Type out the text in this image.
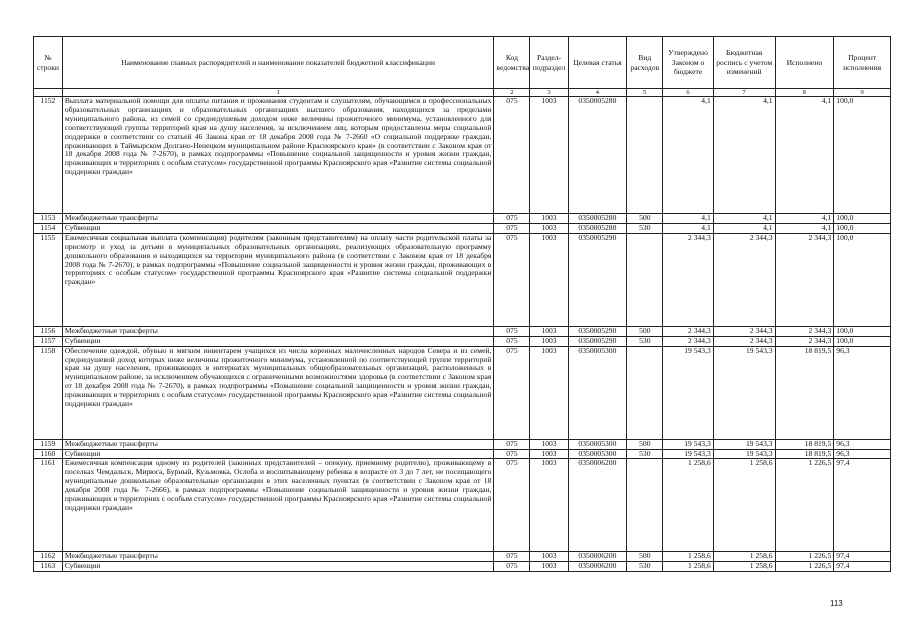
№ строки	Наименование главных распорядителей и наименование показателей бюджетной классификации	Код ведомства	Раздел-подраздел	Целевая статья	Вид расходов	Утверждено Законом о бюджете	Бюджетная роспись с учетом изменений	Исполнено	Процент исполнения
	1	2	3	4	5	6	7	8	9
1152	Выплата материальной помощи для оплаты питания и проживания студентам и слушателям, обучающимся в профессиональных образовательных организациях и образовательных организациях высшего образования, находящихся за пределами муниципального района, из семей со среднедушевым доходом ниже величины прожиточного минимума, установленного для соответствующей группы территорий края на душу населения, за исключением лиц, которым предоставлены меры социальной поддержки в соответствии со статьей 46 Закона края от 18 декабря 2008 года № 7-2660 «О социальной поддержке граждан, проживающих в Таймырском Долгано-Ненецком муниципальном районе Красноярского края» (в соответствии с Законом края от 18 декабря 2008 года № 7-2670), в рамках подпрограммы «Повышение социальной защищенности и уровня жизни граждан, проживающих в территориях с особым статусом» государственной программы Красноярского края «Развитие системы социальной поддержки граждан»	075	1003	0350005280		4,1	4,1	4,1	100,0
1153	Межбюджетные трансферты	075	1003	0350005280	500	4,1	4,1	4,1	100,0
1154	Субвенции	075	1003	0350005280	530	4,1	4,1	4,1	100,0
1155	Ежемесячная социальная выплата (компенсация) родителям (законным представителям) на оплату части родительской платы за присмотр и уход за детьми в муниципальных образовательных организациях, реализующих образовательную программу дошкольного образования и находящихся на территории муниципального района (в соответствии с Законом края от 18 декабря 2008 года № 7-2670), в рамках подпрограммы «Повышение социальной защищенности и уровня жизни граждан, проживающих в территориях с особым статусом» государственной программы Красноярского края «Развитие системы социальной поддержки граждан»	075	1003	0350005290		2 344,3	2 344,3	2 344,3	100,0
1156	Межбюджетные трансферты	075	1003	0350005290	500	2 344,3	2 344,3	2 344,3	100,0
1157	Субвенции	075	1003	0350005290	530	2 344,3	2 344,3	2 344,3	100,0
1158	Обеспечение одеждой, обувью и мягким инвентарем учащихся из числа коренных малочисленных народов Севера и из семей, среднедушевой доход которых ниже величины прожиточного минимума, установленной по соответствующей группе территорий края на душу населения, проживающих в интернатах муниципальных общеобразовательных организаций, расположенных в муниципальном районе, за исключением обучающихся с ограниченными возможностями здоровья (в соответствии с Законом края от 18 декабря 2008 года № 7-2670), в рамках подпрограммы «Повышение социальной защищенности и уровня жизни граждан, проживающих в территориях с особым статусом» государственной программы Красноярского края «Развитие системы социальной поддержки граждан»	075	1003	0350005300		19 543,3	19 543,3	18 819,5	96,3
1159	Межбюджетные трансферты	075	1003	0350005300	500	19 543,3	19 543,3	18 819,5	96,3
1160	Субвенции	075	1003	0350005300	530	19 543,3	19 543,3	18 819,5	96,3
1161	Ежемесячная компенсация одному из родителей (законных представителей – опекуну, приемному родителю), проживающему в поселках Чемдальск, Мирюга, Бурный, Кузьмовка, Ослоба и воспитывающему ребенка в возрасте от 3 до 7 лет, не посещающего муниципальные дошкольные образовательные организации в этих населенных пунктах (в соответствии с Законом края от 18 декабря 2008 года № 7-2666), в рамках подпрограммы «Повышение социальной защищенности и уровня жизни граждан, проживающих в территориях с особым статусом» государственной программы Красноярского края «Развитие системы социальной поддержки граждан»	075	1003	0350006200		1 258,6	1 258,6	1 226,5	97,4
1162	Межбюджетные трансферты	075	1003	0350006200	500	1 258,6	1 258,6	1 226,5	97,4
1163	Субвенции	075	1003	0350006200	530	1 258,6	1 258,6	1 226,5	97,4
113
